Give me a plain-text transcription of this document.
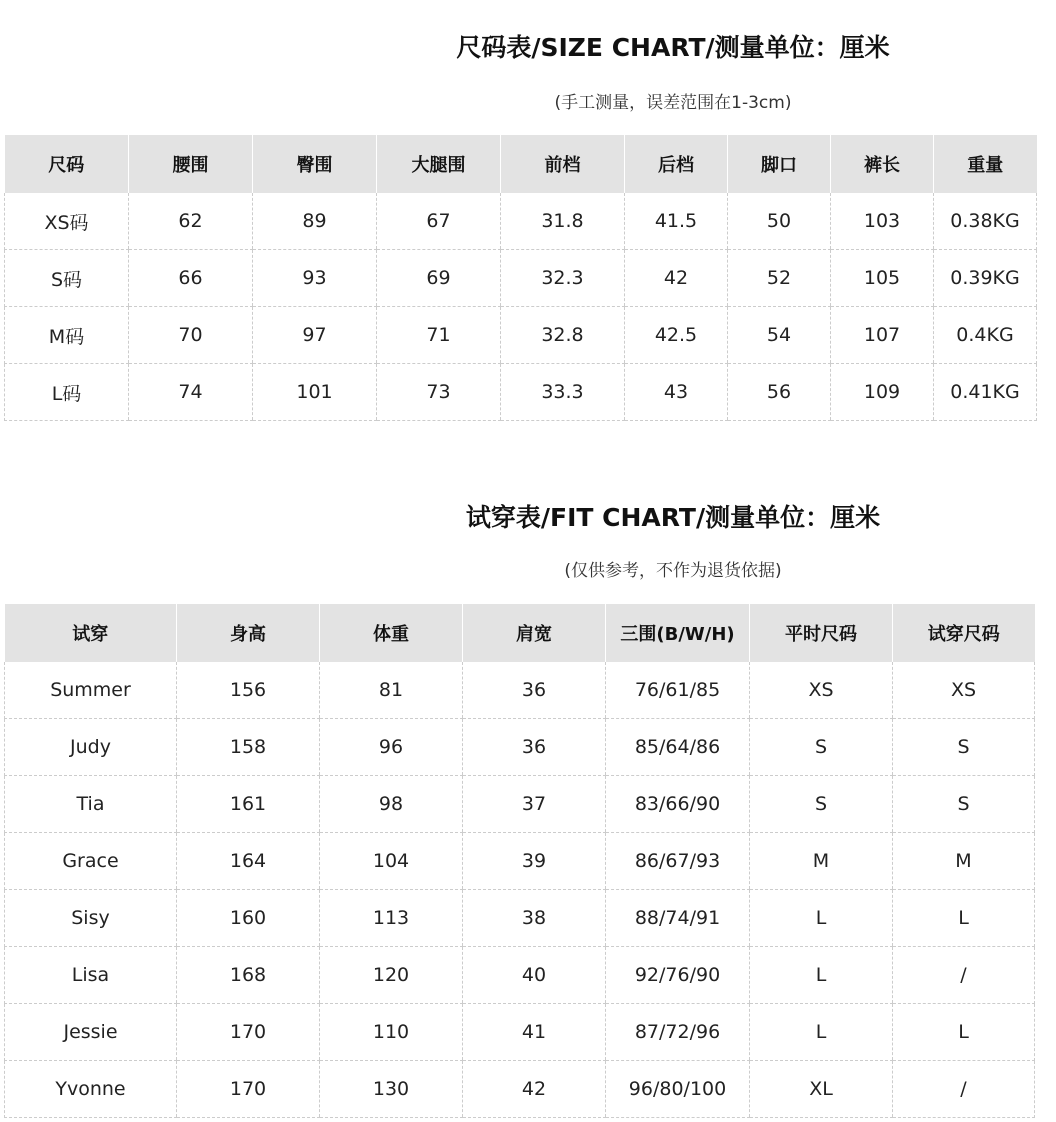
尺码表/SIZE CHART/测量单位：厘米
(手工测量，误差范围在1-3cm)
尺码	腰围	臀围	大腿围	前档	后档	脚口	裤长	重量
XS码	62	89	67	31.8	41.5	50	103	0.38KG
S码	66	93	69	32.3	42	52	105	0.39KG
M码	70	97	71	32.8	42.5	54	107	0.4KG
L码	74	101	73	33.3	43	56	109	0.41KG
试穿表/FIT CHART/测量单位：厘米
(仅供参考，不作为退货依据)
试穿	身高	体重	肩宽	三围(B/W/H)	平时尺码	试穿尺码
Summer	156	81	36	76/61/85	XS	XS
Judy	158	96	36	85/64/86	S	S
Tia	161	98	37	83/66/90	S	S
Grace	164	104	39	86/67/93	M	M
Sisy	160	113	38	88/74/91	L	L
Lisa	168	120	40	92/76/90	L	/
Jessie	170	110	41	87/72/96	L	L
Yvonne	170	130	42	96/80/100	XL	/
